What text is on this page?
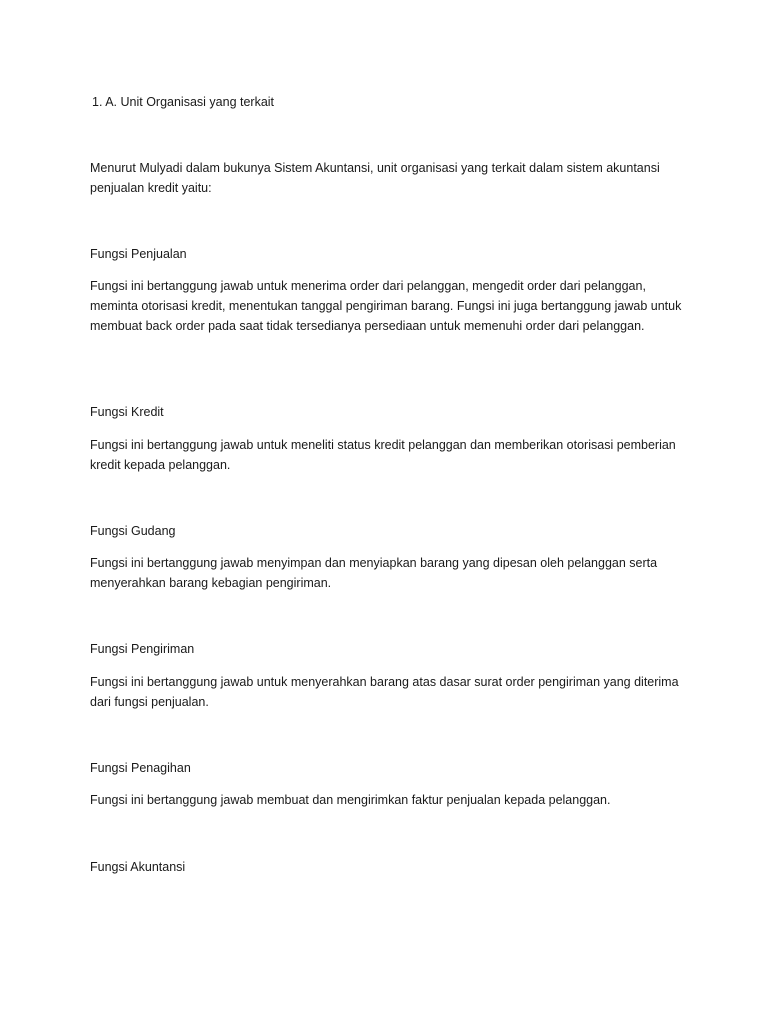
1. A. Unit Organisasi yang terkait

Menurut Mulyadi dalam bukunya Sistem Akuntansi, unit organisasi yang terkait dalam sistem akuntansi penjualan kredit yaitu:

Fungsi Penjualan

Fungsi ini bertanggung jawab untuk menerima order dari pelanggan, mengedit order dari pelanggan, meminta otorisasi kredit, menentukan tanggal pengiriman barang. Fungsi ini juga bertanggung jawab untuk membuat back order pada saat tidak tersedianya persediaan untuk memenuhi order dari pelanggan.

Fungsi Kredit

Fungsi ini bertanggung jawab untuk meneliti status kredit pelanggan dan memberikan otorisasi pemberian kredit kepada pelanggan.

Fungsi Gudang

Fungsi ini bertanggung jawab menyimpan dan menyiapkan barang yang dipesan oleh pelanggan serta menyerahkan barang kebagian pengiriman.

Fungsi Pengiriman

Fungsi ini bertanggung jawab untuk menyerahkan barang atas dasar surat order pengiriman yang diterima dari fungsi penjualan.

Fungsi Penagihan

Fungsi ini bertanggung jawab membuat dan mengirimkan faktur penjualan kepada pelanggan.

Fungsi Akuntansi
